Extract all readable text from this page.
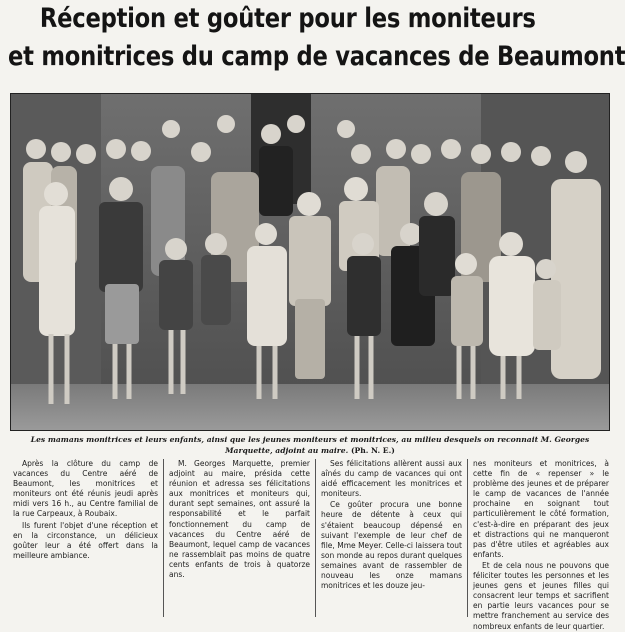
Réception et goûter pour les moniteurs
et monitrices du camp de vacances de Beaumont
Les mamans monitrices et leurs enfants, ainsi que les jeunes moniteurs et monitrices, au milieu desquels on reconnait M. Georges Marquette, adjoint au maire. (Ph. N. E.)

Après la clôture du camp de vacances du Centre aéré de Beaumont, les monitrices et moniteurs ont été réunis jeudi après midi vers 16 h., au Centre familial de la rue Carpeaux, à Roubaix.

Ils furent l'objet d'une réception et en la circonstance, un délicieux goûter leur a été offert dans la meilleure ambiance.

M. Georges Marquette, premier adjoint au maire, présida cette réunion et adressa ses félicitations aux monitrices et moniteurs qui, durant sept semaines, ont assuré la responsabilité et le parfait fonctionnement du camp de vacances du Centre aéré de Beaumont, lequel camp de vacances ne rassemblait pas moins de quatre cents enfants de trois à quatorze ans.

Ses félicitations allèrent aussi aux aînés du camp de vacances qui ont aidé efficacement les monitrices et moniteurs.

Ce goûter procura une bonne heure de détente à ceux qui s'étaient beaucoup dépensé en suivant l'exemple de leur chef de file, Mme Meyer. Celle-ci laissera tout son monde au repos durant quelques semaines avant de rassembler de nouveau les onze mamans monitrices et les douze jeu-

nes moniteurs et monitrices, à cette fin de « repenser » le problème des jeunes et de préparer le camp de vacances de l'année prochaine en soignant tout particulièrement le côté formation, c'est-à-dire en préparant des jeux et distractions qui ne manqueront pas d'être utiles et agréables aux enfants.

Et de cela nous ne pouvons que féliciter toutes les personnes et les jeunes gens et jeunes filles qui consacrent leur temps et sacrifient en partie leurs vacances pour se mettre franchement au service des nombreux enfants de leur quartier.
